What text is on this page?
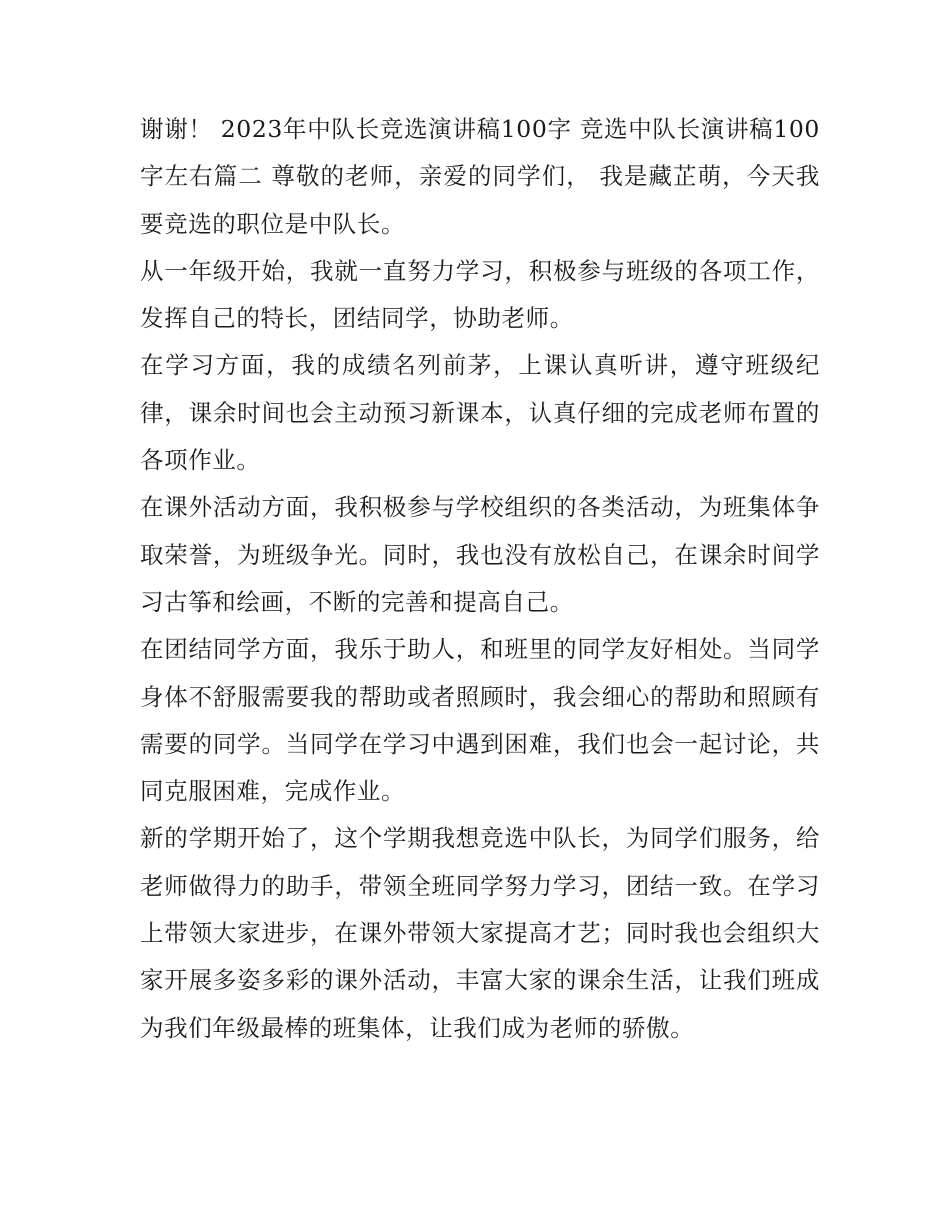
谢谢！ 2023年中队长竞选演讲稿100字 竞选中队长演讲稿100字左右篇二 尊敬的老师，亲爱的同学们， 我是藏芷萌，今天我要竞选的职位是中队长。

从一年级开始，我就一直努力学习，积极参与班级的各项工作，发挥自己的特长，团结同学，协助老师。

在学习方面，我的成绩名列前茅，上课认真听讲，遵守班级纪律，课余时间也会主动预习新课本，认真仔细的完成老师布置的各项作业。

在课外活动方面，我积极参与学校组织的各类活动，为班集体争取荣誉，为班级争光。同时，我也没有放松自己，在课余时间学习古筝和绘画，不断的完善和提高自己。

在团结同学方面，我乐于助人，和班里的同学友好相处。当同学身体不舒服需要我的帮助或者照顾时，我会细心的帮助和照顾有需要的同学。当同学在学习中遇到困难，我们也会一起讨论，共同克服困难，完成作业。

新的学期开始了，这个学期我想竞选中队长，为同学们服务，给老师做得力的助手，带领全班同学努力学习，团结一致。在学习上带领大家进步，在课外带领大家提高才艺；同时我也会组织大家开展多姿多彩的课外活动，丰富大家的课余生活，让我们班成为我们年级最棒的班集体，让我们成为老师的骄傲。
